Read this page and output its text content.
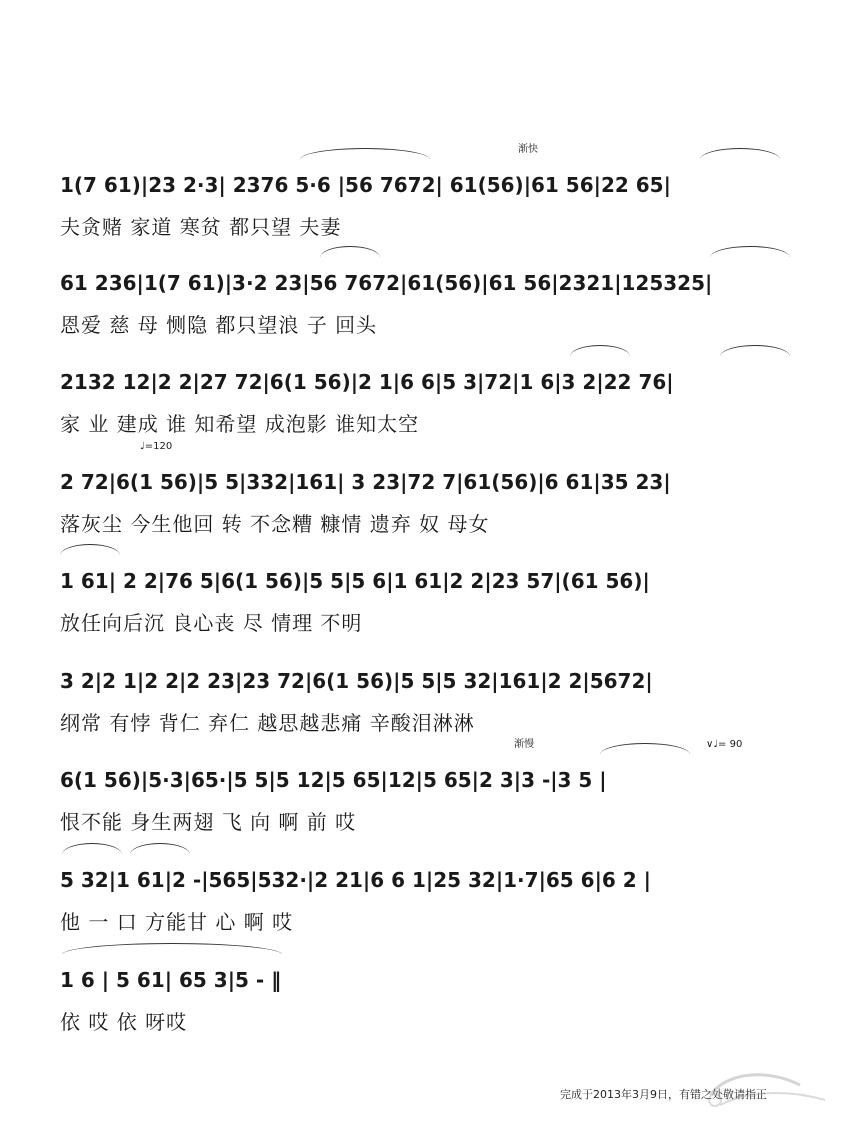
渐快
1(7 61)|23 2·3| 2376 5·6 |56 7672| 61(56)|61 56|22 65|
夫贪赌 家道 寒贫 都只望 夫妻
61 236|1(7 61)|3·2 23|56 7672|61(56)|61 56|2321|125325|
恩爱 慈 母 恻隐 都只望浪 子 回头
2132 12|2 2|27 72|6(1 56)|2 1|6 6|5 3|72|1 6|3 2|22 76|
家 业 建成 谁 知希望 成泡影 谁知太空
♩=120
2 72|6(1 56)|5 5|332|161| 3 23|72 7|61(56)|6 61|35 23|
落灰尘 今生他回 转 不念糟 糠情 遗弃 奴 母女
1 61| 2 2|76 5|6(1 56)|5 5|5 6|1 61|2 2|23 57|(61 56)|
放任向后沉 良心丧 尽 情理 不明
3 2|2 1|2 2|2 23|23 72|6(1 56)|5 5|5 32|161|2 2|5672|
纲常 有悖 背仁 弃仁 越思越悲痛 辛酸泪淋淋
渐慢	∨♩= 90
6(1 56)|5·3|65·|5 5|5 12|5 65|12|5 65|2 3|3 -|3 5 |
恨不能 身生两翅 飞 向 啊 前 哎
5 32|1 61|2 -|565|532·|2 21|6 6 1|25 32|1·7|65 6|6 2 |
他 一 口 方能甘 心 啊 哎
1 6 | 5 61| 65 3|5 - ‖
依 哎 依 呀哎
完成于2013年3月9日，有错之处敬请指正
